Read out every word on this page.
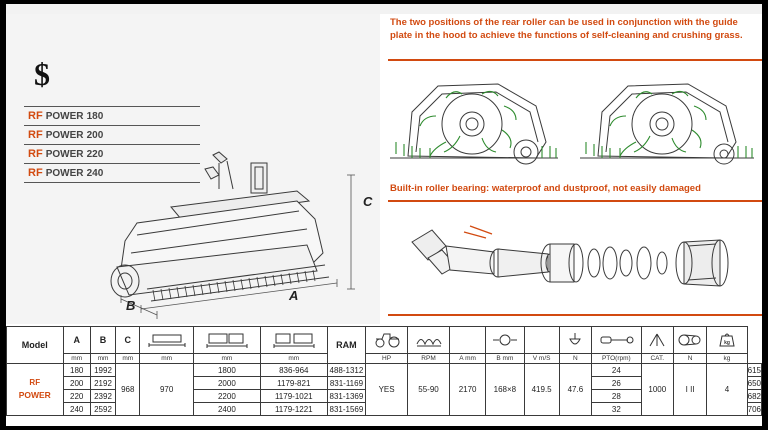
$
RF POWER 180
RF POWER 200
RF POWER 220
RF POWER 240
A
B
C
The two positions of the rear roller can be used in conjunction with the guide plate in the hood to achieve the functions of self-cleaning and crushing grass.
Built-in roller bearing: waterproof and dustproof, not easily damaged
Model	A	B	C				RAM										kg	

	mm	mm	mm	mm	mm	mm		HP	RPM	A mm	B mm	V m/S	N	PTO(rpm)	CAT.	N	kg	
RF
POWER	180	1992	968	970	1800	836-964	488-1312	YES	55-90	2170	168×8	419.5	47.6	24	1000	I II	4	615
	200	2192			2000	1179-821	831-1169							26				650
	220	2392			2200	1179-1021	831-1369							28				682
	240	2592			2400	1179-1221	831-1569							32				706
